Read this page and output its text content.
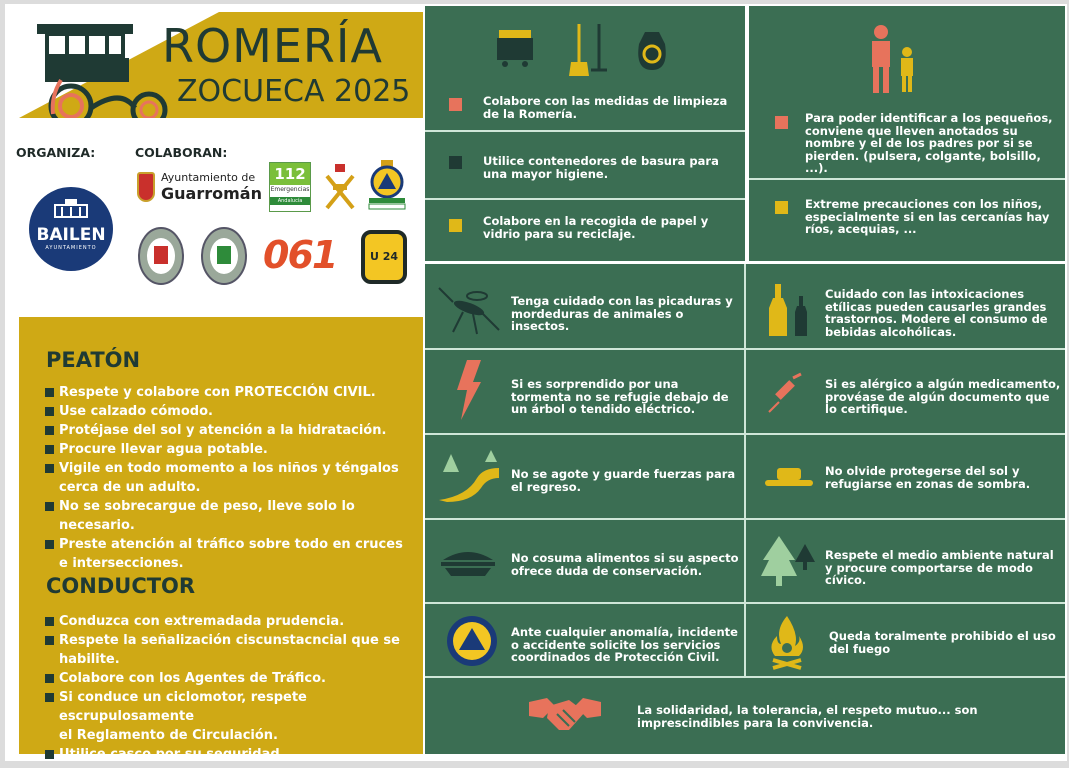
ROMERÍA
ZOCUECA 2025
ORGANIZA:	COLABORAN:
BAILEN
AYUNTAMIENTO
Ayuntamiento de
Guarromán
112
Emergencias
Andalucía
061	U 24
PEATÓN
Respete y colabore con PROTECCIÓN CIVIL.
Use calzado cómodo.
Protéjase del sol y atención a la hidratación.
Procure llevar agua potable.
Vigile en todo momento a los niños y téngalos
cerca de un adulto.
No se sobrecargue de peso, lleve solo lo necesario.
Preste atención al tráfico sobre todo en cruces
e intersecciones.
CONDUCTOR
Conduzca con extremadada prudencia.
Respete la señalización ciscunstacncial que se habilite.
Colabore con los Agentes de Tráfico.
Si conduce un ciclomotor, respete escrupulosamente
el Reglamento de Circulación.
Utilice casco por su seguridad.
Colabore con las medidas de limpieza de la Romería.
Utilice contenedores de basura para una mayor higiene.
Colabore en la recogida de papel y vidrio para su reciclaje.
Para poder identificar a los pequeños, conviene que lleven anotados su nombre y el de los padres por si se pierden. (pulsera, colgante, bolsillo, ...).
Extreme precauciones con los niños, especialmente si en las cercanías hay ríos, acequias, ...
Tenga cuidado con las picaduras y mordeduras de animales o insectos.
Cuidado con las intoxicaciones etílicas pueden causarles grandes trastornos. Modere el consumo de bebidas alcohólicas.
Si es sorprendido por una tormenta no se refugie debajo de un árbol o tendido eléctrico.
Si es alérgico a algún medicamento, provéase de algún documento que lo certifique.
No se agote y guarde fuerzas para el regreso.
No olvide protegerse del sol y refugiarse en zonas de sombra.
No cosuma alimentos si su aspecto ofrece duda de conservación.
Respete el medio ambiente natural y procure comportarse de modo cívico.
Ante cualquier anomalía, incidente o accidente solicite los servicios coordinados de Protección Civil.
Queda toralmente prohibido el uso del fuego
La solidaridad, la tolerancia, el respeto mutuo... son imprescindibles para la convivencia.
